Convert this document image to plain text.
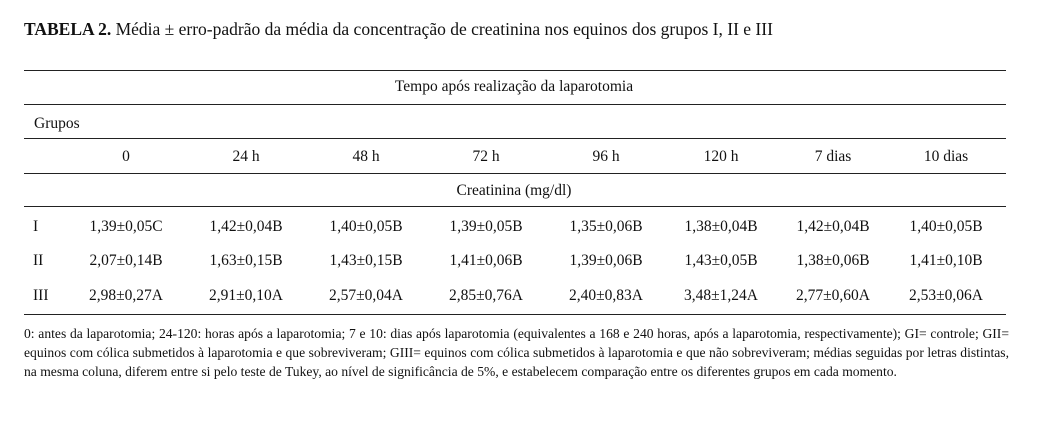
TABELA 2. Média ± erro-padrão da média da concentração de creatinina nos equinos dos grupos I, II e III
Tempo após realização da laparotomia
Grupos
0	24 h	48 h	72 h	96 h	120 h	7 dias	10 dias
Creatinina (mg/dl)
I	1,39±0,05C	1,42±0,04B	1,40±0,05B	1,39±0,05B	1,35±0,06B	1,38±0,04B	1,42±0,04B	1,40±0,05B
II	2,07±0,14B	1,63±0,15B	1,43±0,15B	1,41±0,06B	1,39±0,06B	1,43±0,05B	1,38±0,06B	1,41±0,10B
III	2,98±0,27A	2,91±0,10A	2,57±0,04A	2,85±0,76A	2,40±0,83A	3,48±1,24A 2,77±0,60A	2,53±0,06A
0: antes da laparotomia; 24-120: horas após a laparotomia; 7 e 10: dias após laparotomia (equivalentes a 168 e 240 horas, após a laparotomia, respectivamente); GI= controle; GII= equinos com cólica submetidos à laparotomia e que sobreviveram; GIII= equinos com cólica submetidos à laparotomia e que não sobreviveram; médias seguidas por letras distintas, na mesma coluna, diferem entre si pelo teste de Tukey, ao nível de significância de 5%, e estabelecem comparação entre os diferentes grupos em cada momento.
